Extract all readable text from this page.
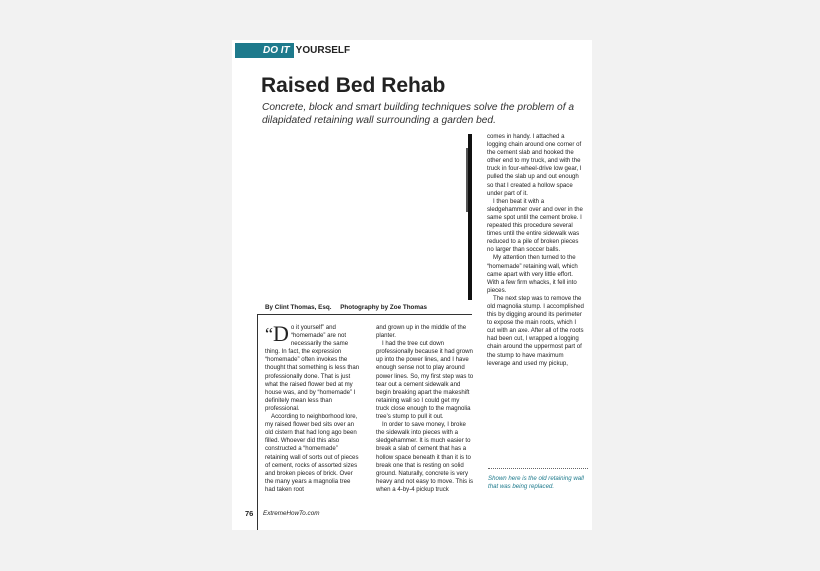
DO IT YOURSELF
Raised Bed Rehab
Concrete, block and smart building techniques solve the problem of a dilapidated retaining wall surrounding a garden bed.
By Clint Thomas, Esq.     Photography by Zoe Thomas
“D o it yourself” and “homemade” are not necessarily the same thing. In fact, the expression “homemade” often invokes the thought that something is less than professionally done. That is just what the raised flower bed at my house was, and by “homemade” I definitely mean less than professional.

According to neighborhood lore, my raised flower bed sits over an old cistern that had long ago been filled. Whoever did this also constructed a “homemade” retaining wall of sorts out of pieces of cement, rocks of assorted sizes and broken pieces of brick. Over the many years a magnolia tree had taken root

and grown up in the middle of the planter.

I had the tree cut down professionally because it had grown up into the power lines, and I have enough sense not to play around power lines. So, my first step was to tear out a cement sidewalk and begin breaking apart the makeshift retaining wall so I could get my truck close enough to the magnolia tree’s stump to pull it out.

In order to save money, I broke the sidewalk into pieces with a sledgehammer. It is much easier to break a slab of cement that has a hollow space beneath it than it is to break one that is resting on solid ground. Naturally, concrete is very heavy and not easy to move. This is when a 4-by-4 pickup truck

comes in handy. I attached a logging chain around one corner of the cement slab and hooked the other end to my truck, and with the truck in four-wheel-drive low gear, I pulled the slab up and out enough so that I created a hollow space under part of it.

I then beat it with a sledgehammer over and over in the same spot until the cement broke. I repeated this procedure several times until the entire sidewalk was reduced to a pile of broken pieces no larger than soccer balls.

My attention then turned to the “homemade” retaining wall, which came apart with very little effort. With a few firm whacks, it fell into pieces.

The next step was to remove the old magnolia stump. I accomplished this by digging around its perimeter to expose the main roots, which I cut with an axe. After all of the roots had been cut, I wrapped a logging chain around the uppermost part of the stump to have maximum leverage and used my pickup,

Shown here is the old retaining wall that was being replaced.
76 ExtremeHowTo.com
